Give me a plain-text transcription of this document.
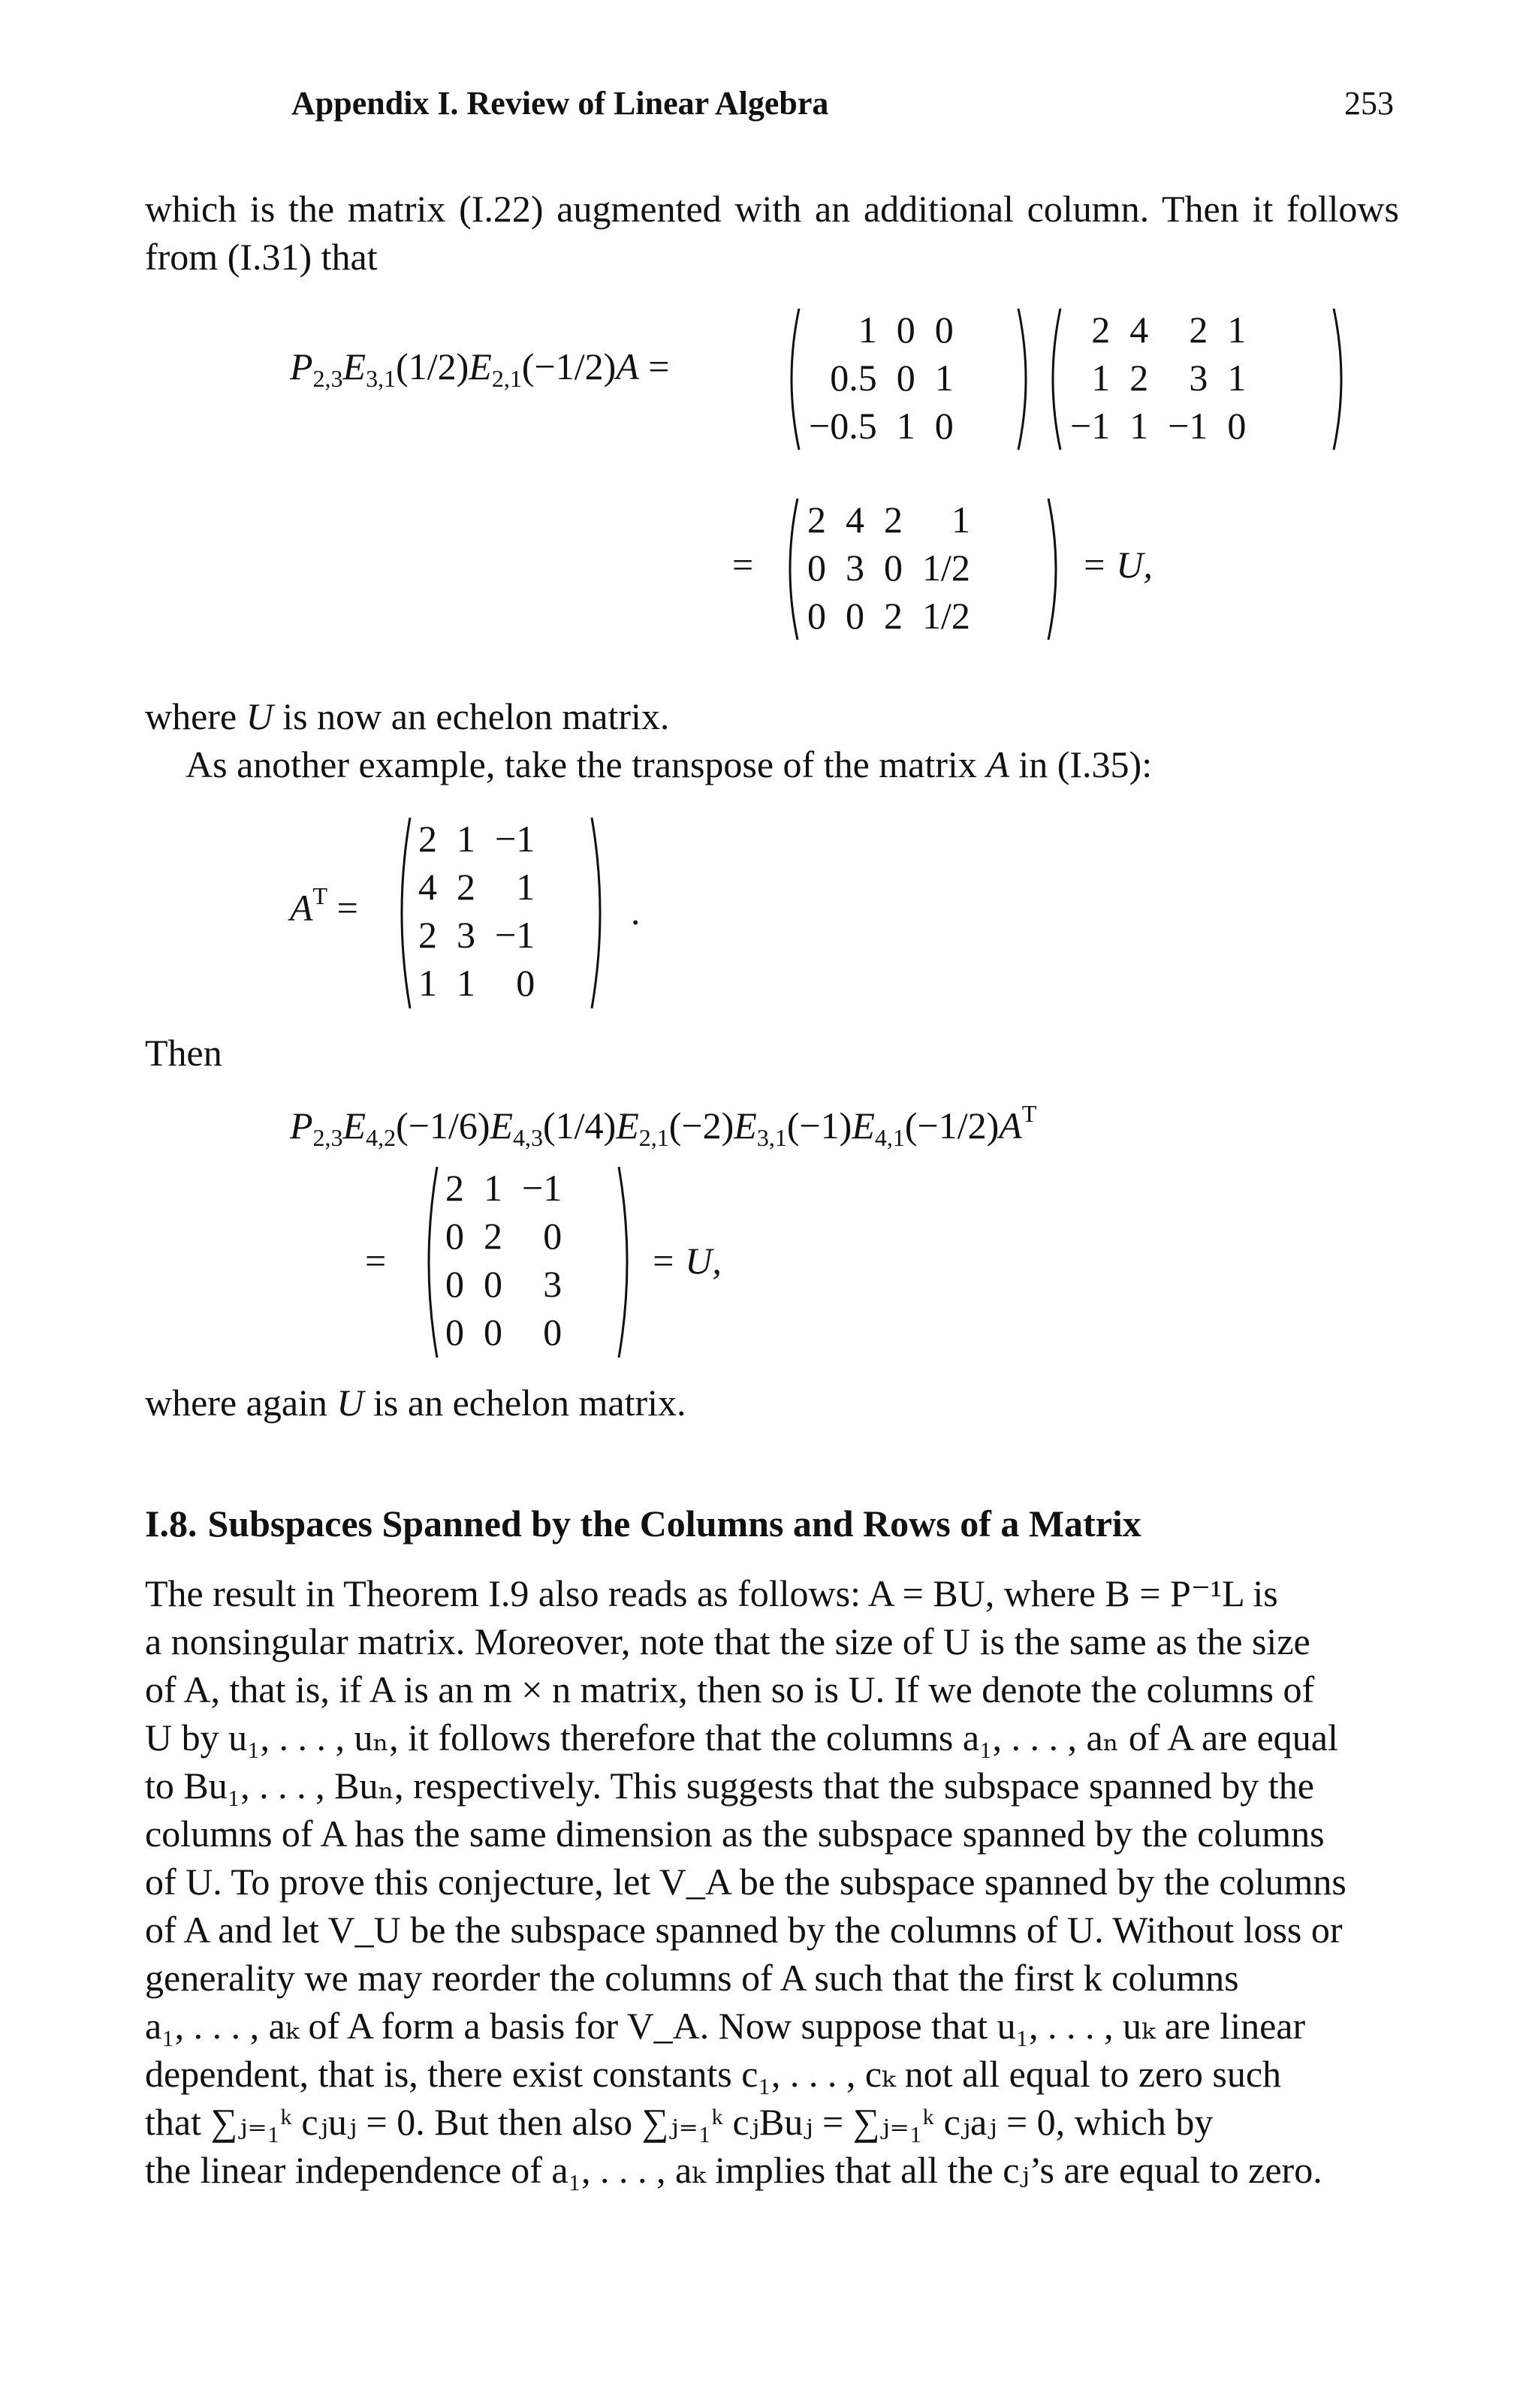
Appendix I. Review of Linear Algebra	253

which is the matrix (I.22) augmented with an additional column. Then it follows from (I.31) that

$P_{2,3}E_{3,1}(1/2)E_{2,1}(-1/2)A$ =
1	0	0
0.5	0	1
−0.5	1	0
2	4	2	1
1	2	3	1
−1	1	−1	0
=
2	4	2	1
0	3	0	1/2
0	0	2	1/2
= U,

where U is now an echelon matrix.

As another example, take the transpose of the matrix A in (I.35):

$A^T$ =
2	1	−1
4	2	1
2	3	−1
1	1	0
.

Then

$P_{2,3}E_{4,2}(-1/6)E_{4,3}(1/4)E_{2,1}(-2)E_{3,1}(-1)E_{4,1}(-1/2)A^T$
=
2	1	−1
0	2	0
0	0	3
0	0	0
= U,

where again U is an echelon matrix.

I.8. Subspaces Spanned by the Columns and Rows of a Matrix

The result in Theorem I.9 also reads as follows: A = BU, where B = P⁻¹L is

a nonsingular matrix. Moreover, note that the size of U is the same as the size

of A, that is, if A is an m × n matrix, then so is U. If we denote the columns of

U by u₁, . . . , uₙ, it follows therefore that the columns a₁, . . . , aₙ of A are equal

to Bu₁, . . . , Buₙ, respectively. This suggests that the subspace spanned by the

columns of A has the same dimension as the subspace spanned by the columns

of U. To prove this conjecture, let V_A be the subspace spanned by the columns

of A and let V_U be the subspace spanned by the columns of U. Without loss or

generality we may reorder the columns of A such that the first k columns

a₁, . . . , aₖ of A form a basis for V_A. Now suppose that u₁, . . . , uₖ are linear

dependent, that is, there exist constants c₁, . . . , cₖ not all equal to zero such

that ∑ⱼ₌₁ᵏ cⱼuⱼ = 0. But then also ∑ⱼ₌₁ᵏ cⱼBuⱼ = ∑ⱼ₌₁ᵏ cⱼaⱼ = 0, which by

the linear independence of a₁, . . . , aₖ implies that all the cⱼ’s are equal to zero.
